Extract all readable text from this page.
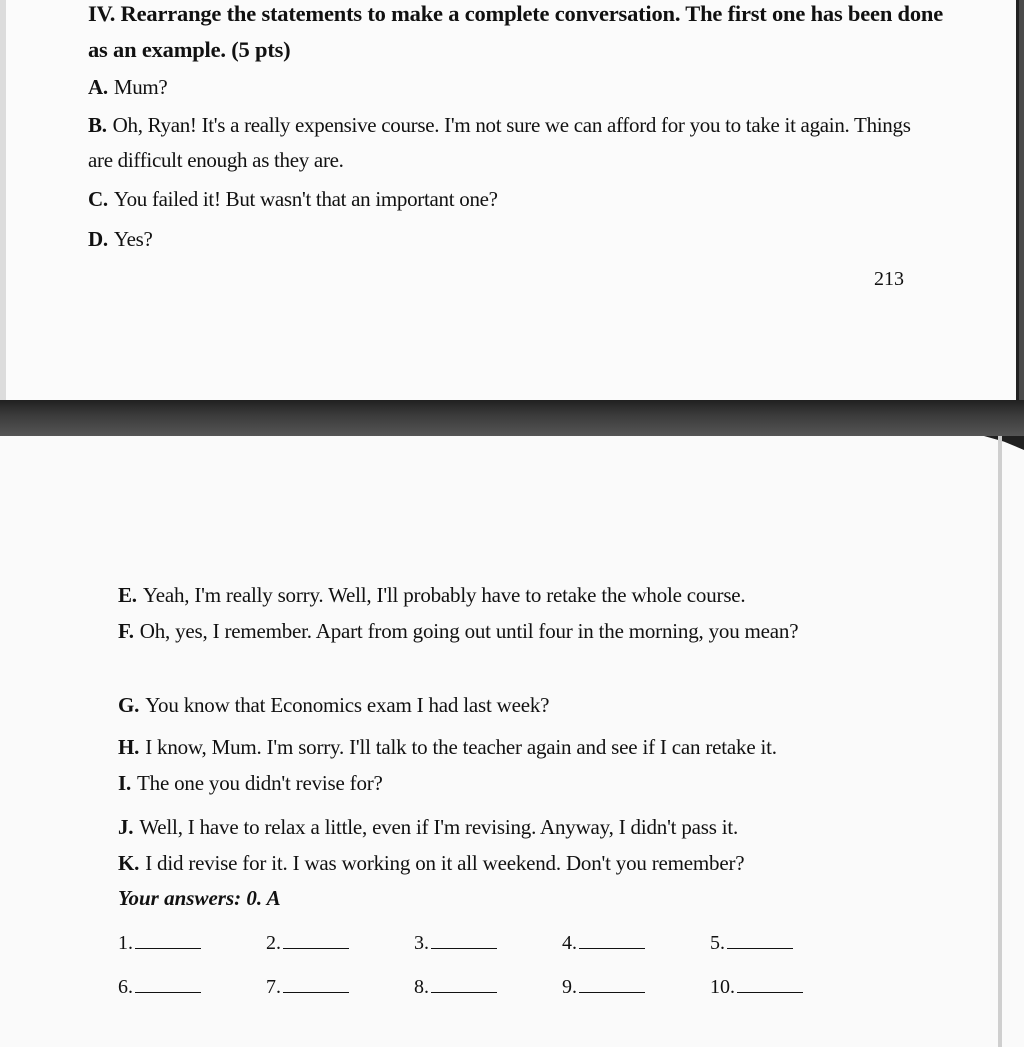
IV. Rearrange the statements to make a complete conversation. The first one has been done as an example. (5 pts)

A. Mum?

B. Oh, Ryan! It's a really expensive course. I'm not sure we can afford for you to take it again. Things are difficult enough as they are.

C. You failed it! But wasn't that an important one?

D. Yes?

213

E. Yeah, I'm really sorry. Well, I'll probably have to retake the whole course.

F. Oh, yes, I remember. Apart from going out until four in the morning, you mean?

G. You know that Economics exam I had last week?

H. I know, Mum. I'm sorry. I'll talk to the teacher again and see if I can retake it.

I. The one you didn't revise for?

J. Well, I have to relax a little, even if I'm revising. Anyway, I didn't pass it.

K. I did revise for it. I was working on it all weekend. Don't you remember?

Your answers: 0. A
1.	2.	3.	4.	5.
6.	7.	8.	9.	10.
